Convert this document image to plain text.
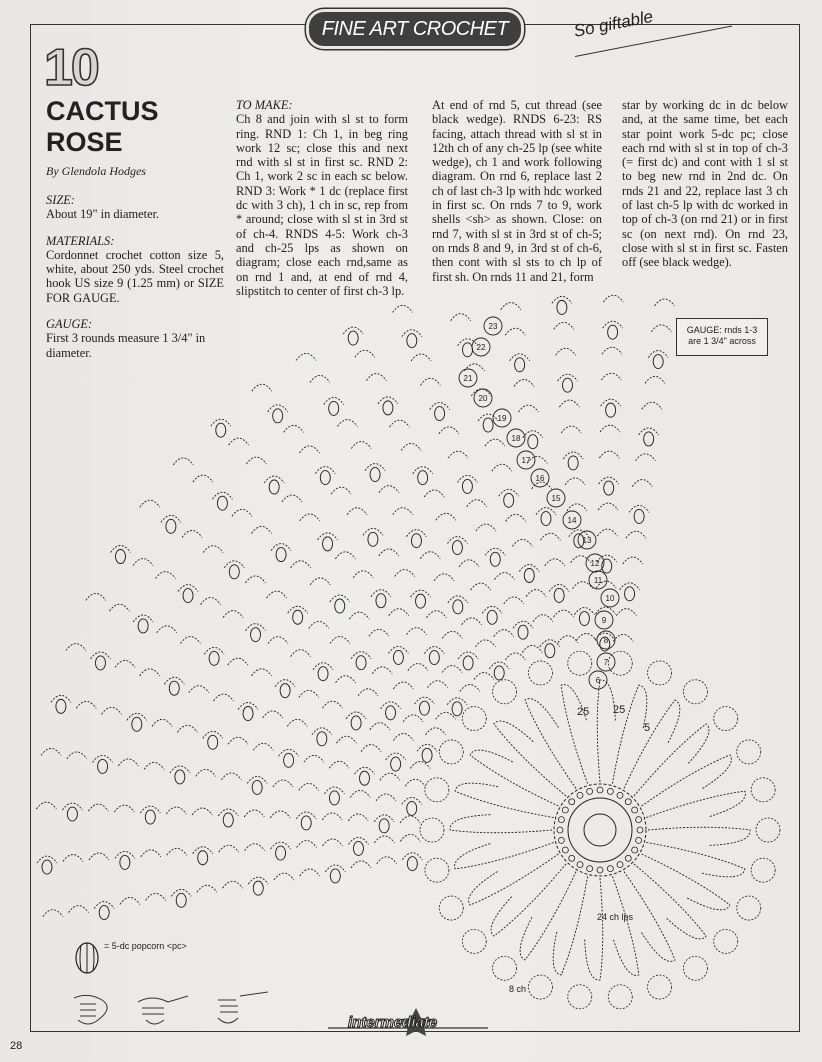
FINE ART CROCHET	So giftable
10
CACTUS
ROSE
By Glendola Hodges
SIZE:
About 19" in diameter.
MATERIALS:
Cordonnet crochet cotton size 5, white, about 250 yds. Steel crochet hook US size 9 (1.25 mm) or SIZE FOR GAUGE.
GAUGE:
First 3 rounds measure 1 3/4" in diameter.
TO MAKE:
Ch 8 and join with sl st to form ring. RND 1: Ch 1, in beg ring work 12 sc; close this and next rnd with sl st in first sc. RND 2: Ch 1, work 2 sc in each sc below. RND 3: Work * 1 dc (replace first dc with 3 ch), 1 ch in sc, rep from * around; close with sl st in 3rd st of ch-4. RNDS 4-5: Work ch-3 and ch-25 lps as shown on diagram; close each rnd,same as on rnd 1 and, at end of rnd 4, slipstitch to center of first ch-3 lp.
At end of rnd 5, cut thread (see black wedge). RNDS 6-23: RS facing, attach thread with sl st in 12th ch of any ch-25 lp (see white wedge), ch 1 and work following diagram. On rnd 6, replace last 2 ch of last ch-3 lp with hdc worked in first sc. On rnds 7 to 9, work shells <sh> as shown. Close: on rnd 7, with sl st in 3rd st of ch-5; on rnds 8 and 9, in 3rd st of ch-6, then cont with sl sts to ch lp of first sh. On rnds 11 and 21, form
star by working dc in dc below and, at the same time, bet each star point work 5-dc pc; close each rnd with sl st in top of ch-3 (= first dc) and cont with 1 sl st to beg new rnd in 2nd dc. On rnds 21 and 22, replace last 3 ch of last ch-5 lp with dc worked in top of ch-3 (on rnd 21) or in first sc (on next rnd). On rnd 23, close with sl st in first sc. Fasten off (see black wedge).
GAUGE: rnds 1-3
are 1 3/4" across
23
22
21
20
19
18
17
16
15
14
13
12
11
10
9
8
7
6
25 25
5
24 ch lps
8 ch
= 5-dc popcorn <pc>
intermediate
28
